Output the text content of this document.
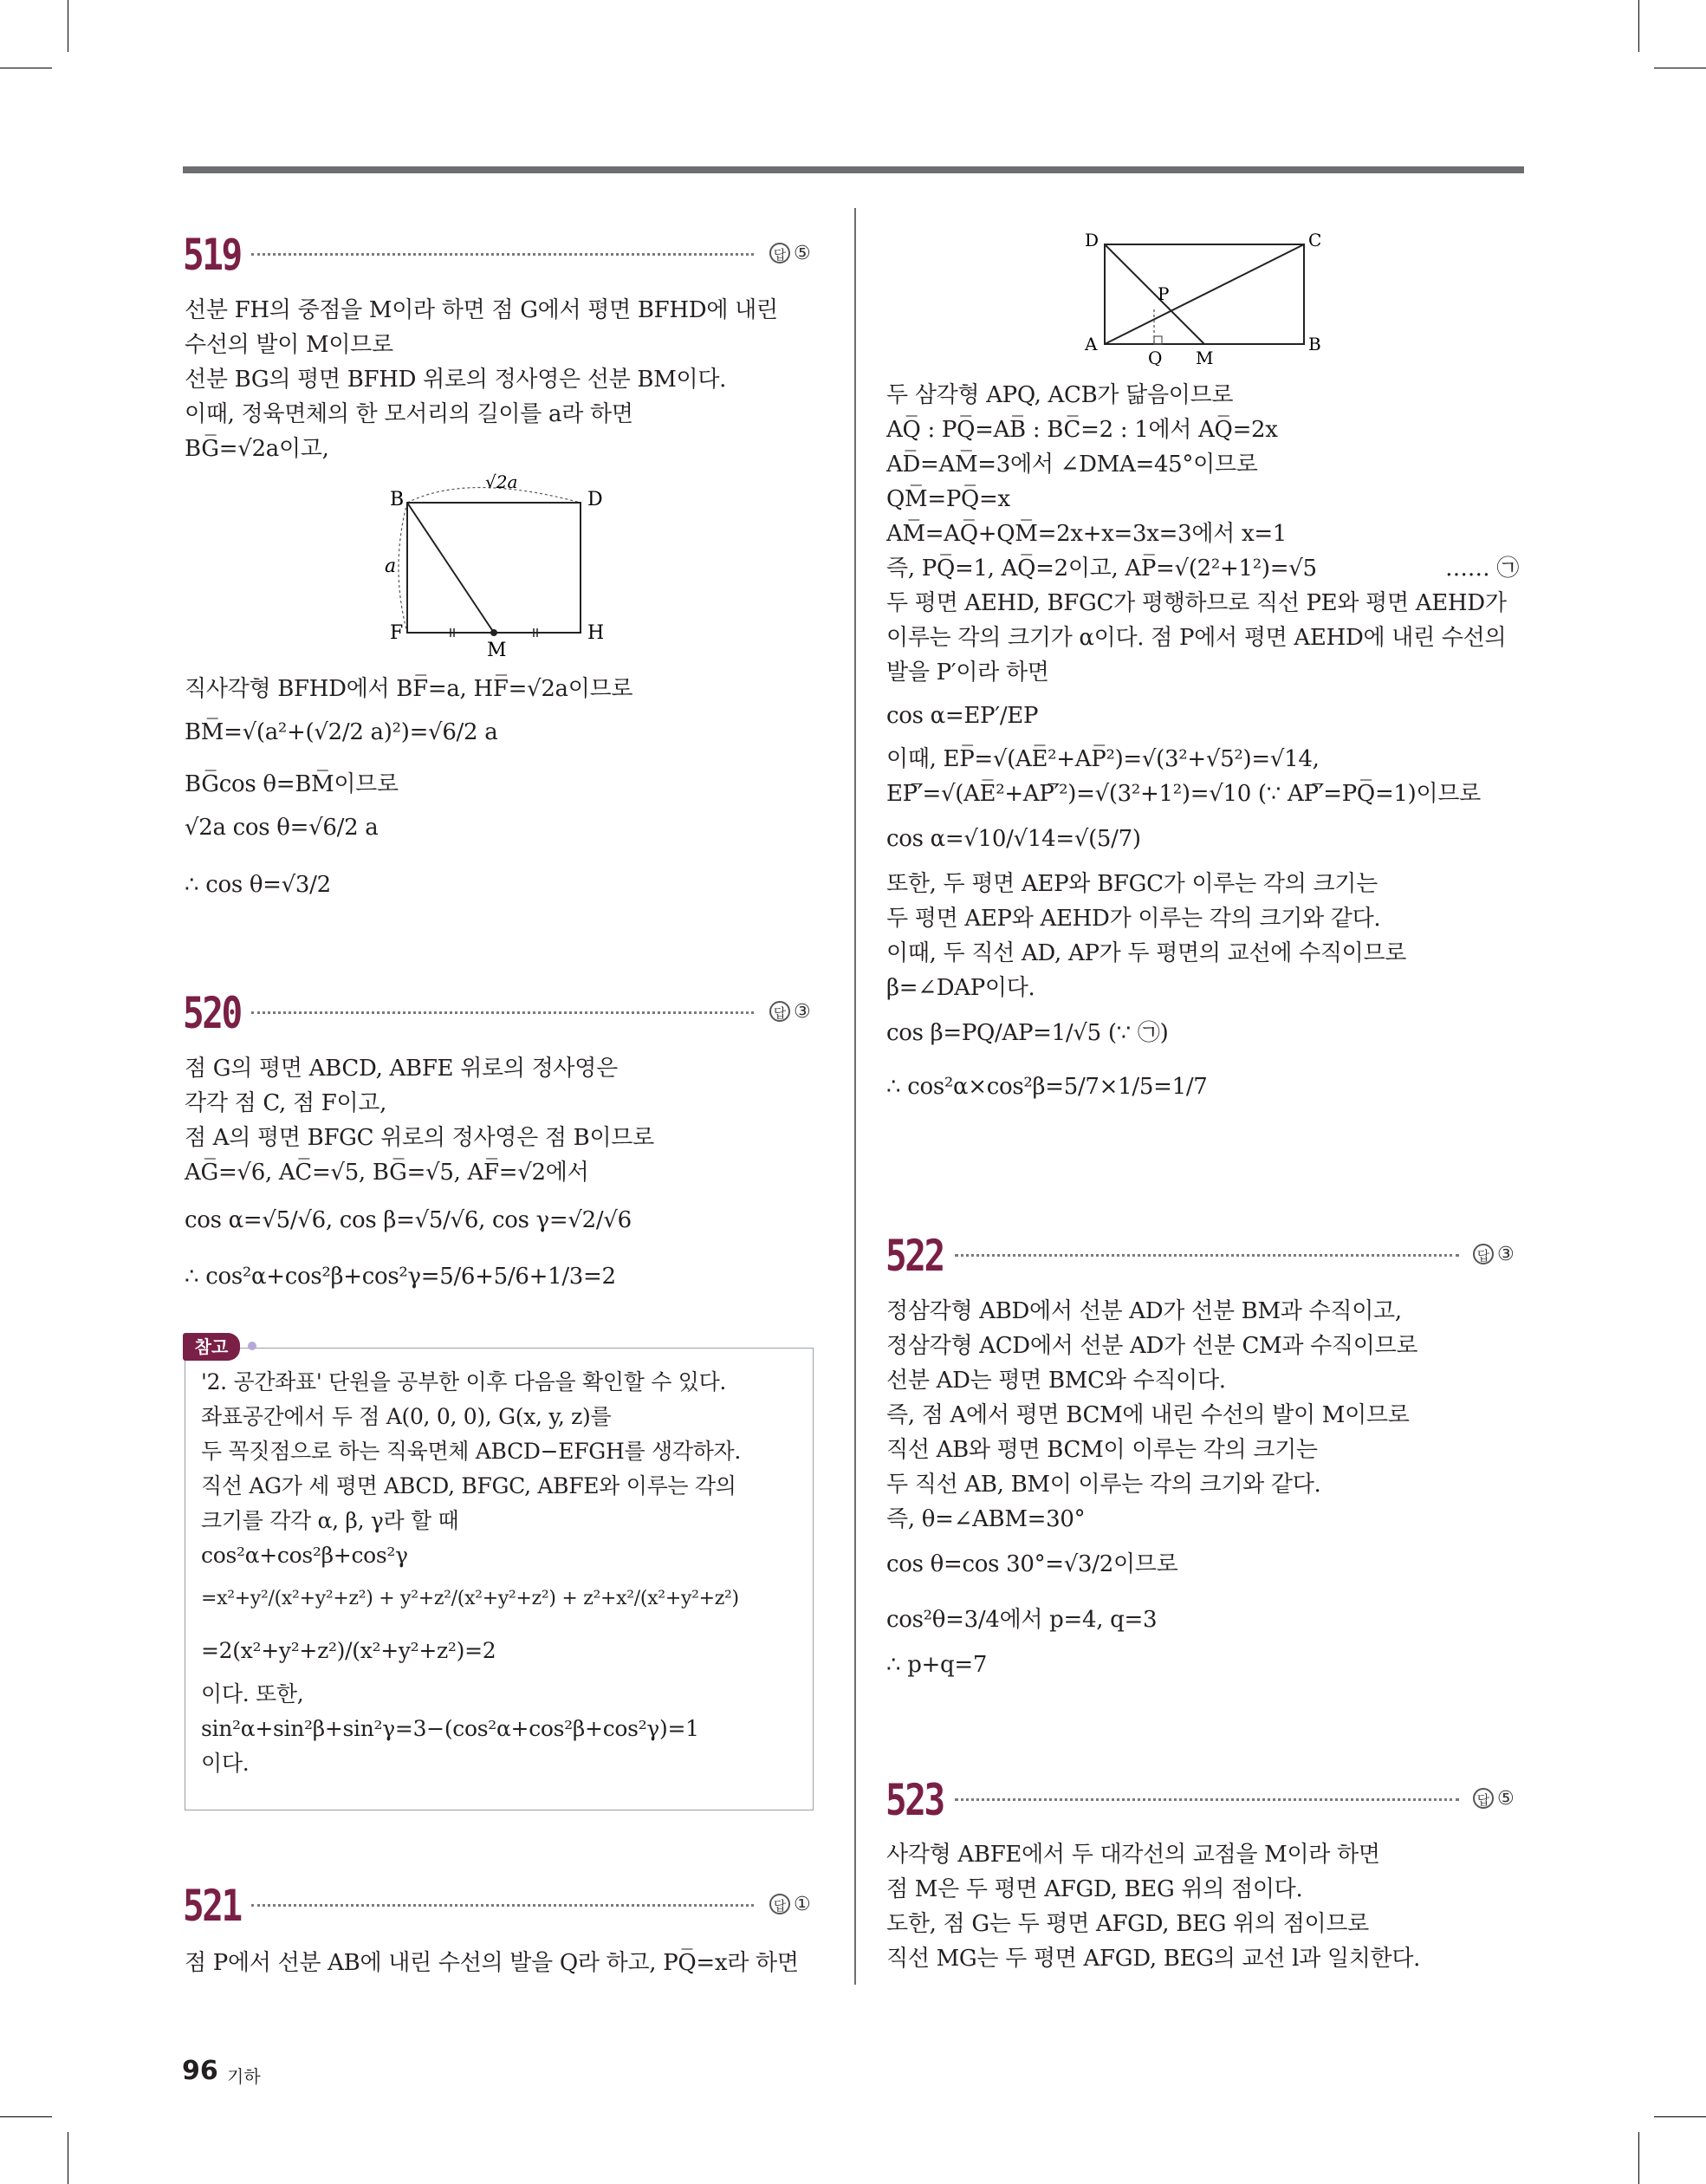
519	답 ⑤
선분 FH의 중점을 M이라 하면 점 G에서 평면 BFHD에 내린
수선의 발이 M이므로
선분 BG의 평면 BFHD 위로의 정사영은 선분 BM이다.
이때, 정육면체의 한 모서리의 길이를 a라 하면
BG̅=√2a이고,
B	D
F	H
M
a
√2a
직사각형 BFHD에서 BF̅=a, HF̅=√2a이므로
BM̅=√(a²+(√2/2 a)²)=√6/2 a
BG̅cos θ=BM̅이므로
√2a cos θ=√6/2 a
∴ cos θ=√3/2
520	답 ③
점 G의 평면 ABCD, ABFE 위로의 정사영은
각각 점 C, 점 F이고,
점 A의 평면 BFGC 위로의 정사영은 점 B이므로
AG̅=√6, AC̅=√5, BG̅=√5, AF̅=√2에서
cos α=√5/√6, cos β=√5/√6, cos γ=√2/√6
∴ cos²α+cos²β+cos²γ=5/6+5/6+1/3=2
참고
'2. 공간좌표' 단원을 공부한 이후 다음을 확인할 수 있다.
좌표공간에서 두 점 A(0, 0, 0), G(x, y, z)를
두 꼭짓점으로 하는 직육면체 ABCD−EFGH를 생각하자.
직선 AG가 세 평면 ABCD, BFGC, ABFE와 이루는 각의
크기를 각각 α, β, γ라 할 때
cos²α+cos²β+cos²γ
=x²+y²/(x²+y²+z²) + y²+z²/(x²+y²+z²) + z²+x²/(x²+y²+z²)
=2(x²+y²+z²)/(x²+y²+z²)=2
이다. 또한,
sin²α+sin²β+sin²γ=3−(cos²α+cos²β+cos²γ)=1
이다.
521	답 ①
점 P에서 선분 AB에 내린 수선의 발을 Q라 하고, PQ̅=x라 하면
D	C
A	B
P
Q M
두 삼각형 APQ, ACB가 닮음이므로
AQ̅ : PQ̅=AB̅ : BC̅=2 : 1에서 AQ̅=2x
AD̅=AM̅=3에서 ∠DMA=45°이므로
QM̅=PQ̅=x
AM̅=AQ̅+QM̅=2x+x=3x=3에서 x=1
즉, PQ̅=1, AQ̅=2이고, AP̅=√(2²+1²)=√5
두 평면 AEHD, BFGC가 평행하므로 직선 PE와 평면 AEHD가
이루는 각의 크기가 α이다. 점 P에서 평면 AEHD에 내린 수선의
발을 P′이라 하면
cos α=EP′/EP
이때, EP̅=√(AE̅²+AP̅²)=√(3²+√5²)=√14,
EP′̅=√(AE̅²+AP′̅²)=√(3²+1²)=√10 (∵ AP′̅=PQ̅=1)이므로
cos α=√10/√14=√(5/7)
또한, 두 평면 AEP와 BFGC가 이루는 각의 크기는
두 평면 AEP와 AEHD가 이루는 각의 크기와 같다.
이때, 두 직선 AD, AP가 두 평면의 교선에 수직이므로
β=∠DAP이다.
cos β=PQ/AP=1/√5 (∵ ㉠)
∴ cos²α×cos²β=5/7×1/5=1/7
…… ㉠
522	답 ③
정삼각형 ABD에서 선분 AD가 선분 BM과 수직이고,
정삼각형 ACD에서 선분 AD가 선분 CM과 수직이므로
선분 AD는 평면 BMC와 수직이다.
즉, 점 A에서 평면 BCM에 내린 수선의 발이 M이므로
직선 AB와 평면 BCM이 이루는 각의 크기는
두 직선 AB, BM이 이루는 각의 크기와 같다.
즉, θ=∠ABM=30°
cos θ=cos 30°=√3/2이므로
cos²θ=3/4에서 p=4, q=3
∴ p+q=7
523	답 ⑤
사각형 ABFE에서 두 대각선의 교점을 M이라 하면
점 M은 두 평면 AFGD, BEG 위의 점이다.
도한, 점 G는 두 평면 AFGD, BEG 위의 점이므로
직선 MG는 두 평면 AFGD, BEG의 교선 l과 일치한다.
96 기하
